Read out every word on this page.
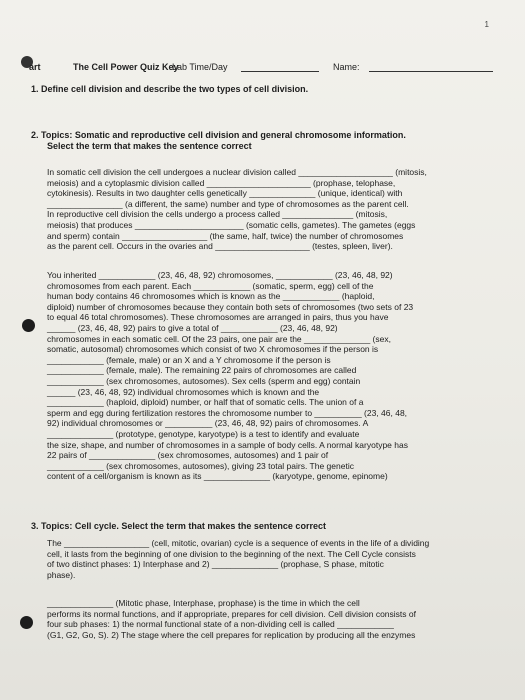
1
art	The Cell Power Quiz Key
Lab Time/Day	Name:
1. Define cell division and describe the two types of cell division.
2. Topics: Somatic and reproductive cell division and general chromosome information.
Select the term that makes the sentence correct

In somatic cell division the cell undergoes a nuclear division called ____________________ (mitosis,

meiosis) and a cytoplasmic division called ______________________ (prophase, telophase,

cytokinesis). Results in two daughter cells genetically ______________ (unique, identical) with

________________ (a different, the same) number and type of chromosomes as the parent cell.

In reproductive cell division the cells undergo a process called _______________ (mitosis,

meiosis) that produces _______________________ (somatic cells, gametes). The gametes (eggs

and sperm) contain __________________ (the same, half, twice) the number of chromosomes

as the parent cell. Occurs in the ovaries and ____________________ (testes, spleen, liver).

You inherited ____________ (23, 46, 48, 92) chromosomes, ____________ (23, 46, 48, 92)

chromosomes from each parent. Each ____________ (somatic, sperm, egg) cell of the

human body contains 46 chromosomes which is known as the ____________ (haploid,

diploid) number of chromosomes because they contain both sets of chromosomes (two sets of 23

to equal 46 total chromosomes). These chromosomes are arranged in pairs, thus you have

______ (23, 46, 48, 92) pairs to give a total of ____________ (23, 46, 48, 92)

chromosomes in each somatic cell. Of the 23 pairs, one pair are the ______________ (sex,

somatic, autosomal) chromosomes which consist of two X chromosomes if the person is

____________ (female, male) or an X and a Y chromosome if the person is

____________ (female, male). The remaining 22 pairs of chromosomes are called

____________ (sex chromosomes, autosomes). Sex cells (sperm and egg) contain

______ (23, 46, 48, 92) individual chromosomes which is known and the

____________ (haploid, diploid) number, or half that of somatic cells. The union of a

sperm and egg during fertilization restores the chromosome number to __________ (23, 46, 48,

92) individual chromosomes or __________ (23, 46, 48, 92) pairs of chromosomes. A

______________ (prototype, genotype, karyotype) is a test to identify and evaluate

the size, shape, and number of chromosomes in a sample of body cells. A normal karyotype has

22 pairs of ______________ (sex chromosomes, autosomes) and 1 pair of

____________ (sex chromosomes, autosomes), giving 23 total pairs. The genetic

content of a cell/organism is known as its ______________ (karyotype, genome, epinome)

3. Topics: Cell cycle. Select the term that makes the sentence correct

The __________________ (cell, mitotic, ovarian) cycle is a sequence of events in the life of a dividing

cell, it lasts from the beginning of one division to the beginning of the next. The Cell Cycle consists

of two distinct phases: 1) Interphase and 2) ______________ (prophase, S phase, mitotic

phase).

______________ (Mitotic phase, Interphase, prophase) is the time in which the cell

performs its normal functions, and if appropriate, prepares for cell division. Cell division consists of

four sub phases: 1) the normal functional state of a non-dividing cell is called ____________

(G1, G2, Go, S). 2) The stage where the cell prepares for replication by producing all the enzymes
